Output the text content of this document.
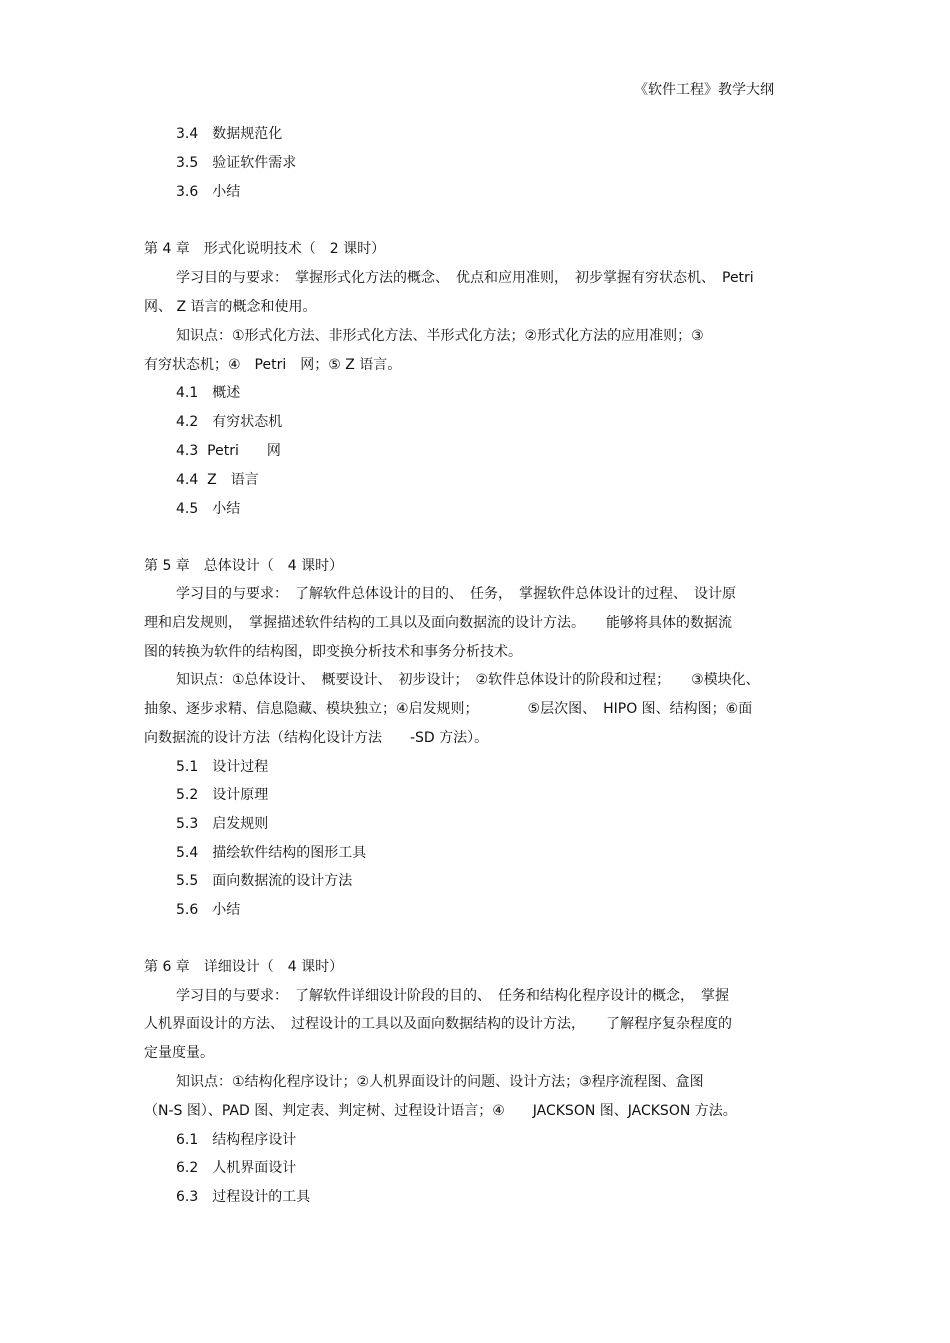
《软件工程》教学大纲
3.4　数据规范化
3.5　验证软件需求
3.6　小结
第 4 章　形式化说明技术（　2 课时）
学习目的与要求：　掌握形式化方法的概念、　优点和应用准则，　初步掌握有穷状态机、　Petri
网、 Z 语言的概念和使用。
知识点：①形式化方法、非形式化方法、半形式化方法；②形式化方法的应用准则；③
有穷状态机；④　Petri　网；⑤ Z 语言。
4.1　概述
4.2　有穷状态机
4.3  Petri　　网
4.4  Z　语言
4.5　小结
第 5 章　总体设计（　4 课时）
学习目的与要求：　了解软件总体设计的目的、　任务，　掌握软件总体设计的过程、　设计原
理和启发规则，　掌握描述软件结构的工具以及面向数据流的设计方法。　　能够将具体的数据流
图的转换为软件的结构图，即变换分析技术和事务分析技术。
知识点：①总体设计、　概要设计、　初步设计；　②软件总体设计的阶段和过程；　　③模块化、
抽象、逐步求精、信息隐藏、模块独立；④启发规则；　　　　⑤层次图、　HIPO 图、结构图；⑥面
向数据流的设计方法（结构化设计方法　　-SD 方法）。
5.1　设计过程
5.2　设计原理
5.3　启发规则
5.4　描绘软件结构的图形工具
5.5　面向数据流的设计方法
5.6　小结
第 6 章　详细设计（　4 课时）
学习目的与要求：　了解软件详细设计阶段的目的、　任务和结构化程序设计的概念，　掌握
人机界面设计的方法、　过程设计的工具以及面向数据结构的设计方法，　　了解程序复杂程度的
定量度量。
知识点：①结构化程序设计；②人机界面设计的问题、设计方法；③程序流程图、盒图
（N-S 图）、PAD 图、判定表、判定树、过程设计语言；④　　JACKSON 图、JACKSON 方法。
6.1　结构程序设计
6.2　人机界面设计
6.3　过程设计的工具
